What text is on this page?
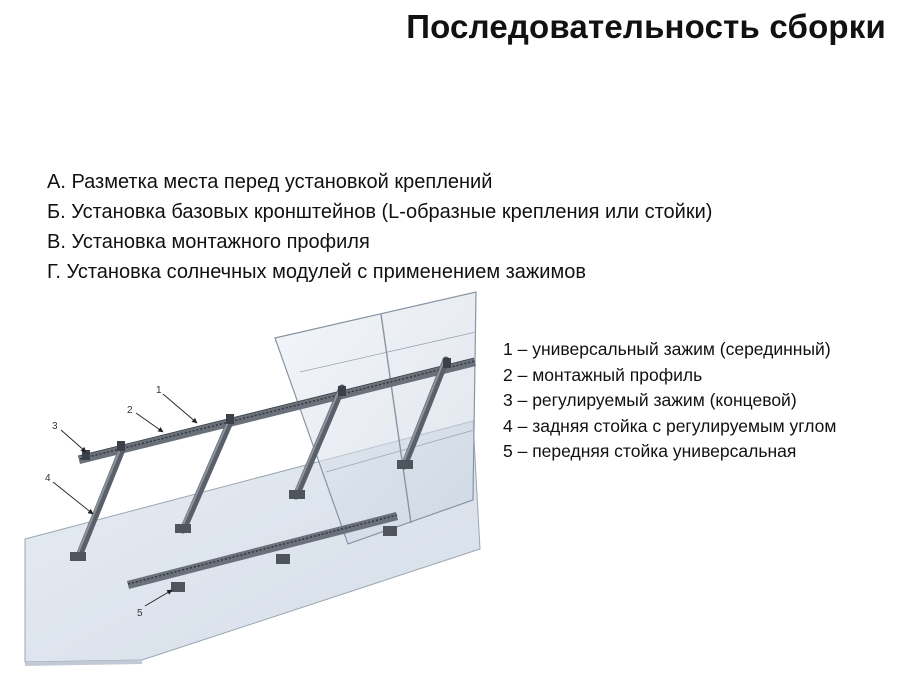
Последовательность сборки
А. Разметка места перед установкой креплений
Б. Установка базовых кронштейнов (L-образные крепления или стойки)
В. Установка монтажного профиля
Г. Установка солнечных модулей с применением зажимов
1
2
3
4
5
1 – универсальный зажим (серединный)
2 – монтажный профиль
3 – регулируемый зажим (концевой)
4 – задняя стойка с регулируемым углом
5 – передняя стойка универсальная
